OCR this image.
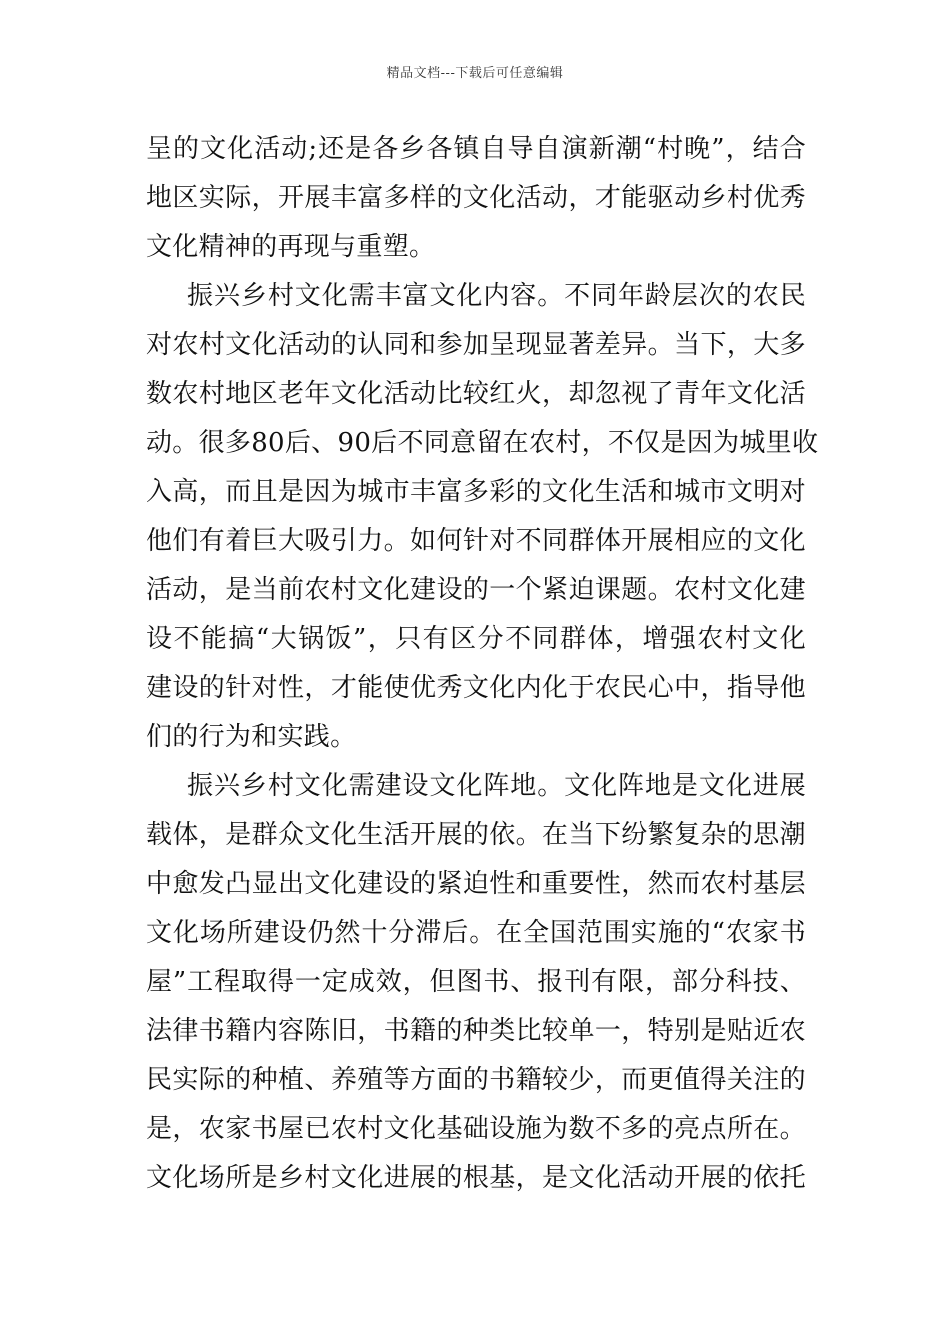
精品文档---下载后可任意编辑
呈的文化活动;还是各乡各镇自导自演新潮“村晚”，结合
地区实际，开展丰富多样的文化活动，才能驱动乡村优秀
文化精神的再现与重塑。
振兴乡村文化需丰富文化内容。不同年龄层次的农民
对农村文化活动的认同和参加呈现显著差异。当下，大多
数农村地区老年文化活动比较红火，却忽视了青年文化活
动。很多80后、90后不同意留在农村，不仅是因为城里收
入高，而且是因为城市丰富多彩的文化生活和城市文明对
他们有着巨大吸引力。如何针对不同群体开展相应的文化
活动，是当前农村文化建设的一个紧迫课题。农村文化建
设不能搞“大锅饭”，只有区分不同群体，增强农村文化
建设的针对性，才能使优秀文化内化于农民心中，指导他
们的行为和实践。
振兴乡村文化需建设文化阵地。文化阵地是文化进展
载体，是群众文化生活开展的依。在当下纷繁复杂的思潮
中愈发凸显出文化建设的紧迫性和重要性，然而农村基层
文化场所建设仍然十分滞后。在全国范围实施的“农家书
屋”工程取得一定成效，但图书、报刊有限，部分科技、
法律书籍内容陈旧，书籍的种类比较单一，特别是贴近农
民实际的种植、养殖等方面的书籍较少，而更值得关注的
是，农家书屋已农村文化基础设施为数不多的亮点所在。
文化场所是乡村文化进展的根基，是文化活动开展的依托
